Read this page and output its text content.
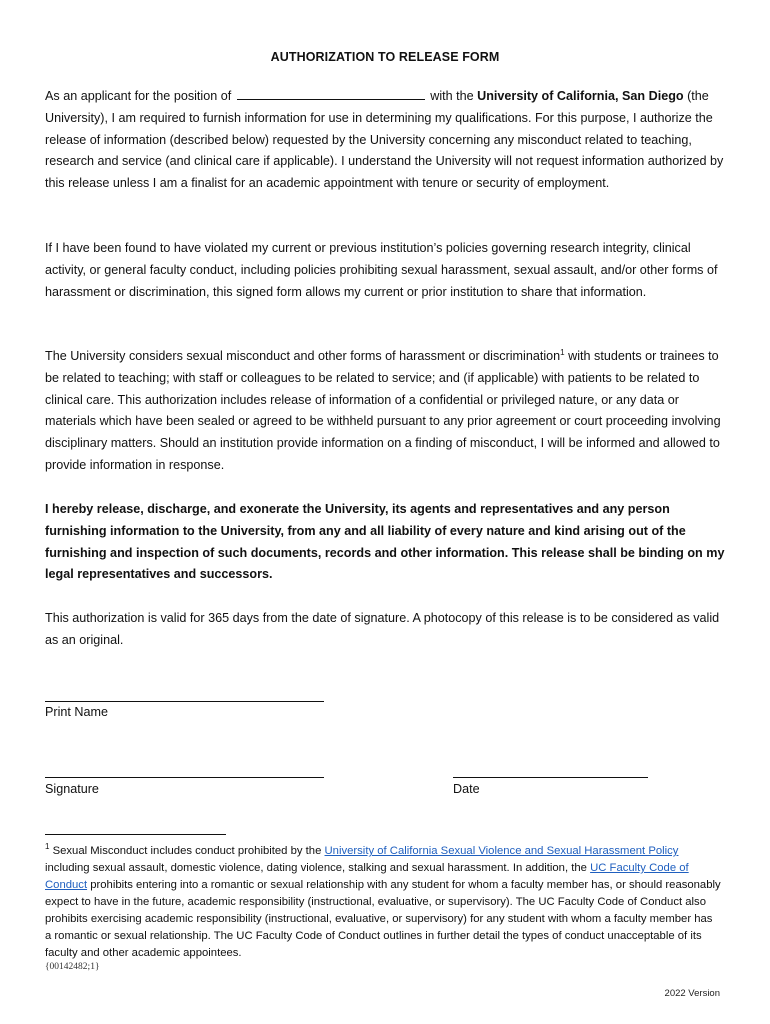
AUTHORIZATION TO RELEASE FORM

As an applicant for the position of	with the University of California, San Diego (the University), I am required to furnish information for use in determining my qualifications. For this purpose, I authorize the release of information (described below) requested by the University concerning any misconduct related to teaching, research and service (and clinical care if applicable). I understand the University will not request information authorized by this release unless I am a finalist for an academic appointment with tenure or security of employment.

If I have been found to have violated my current or previous institution’s policies governing research integrity, clinical activity, or general faculty conduct, including policies prohibiting sexual harassment, sexual assault, and/or other forms of harassment or discrimination, this signed form allows my current or prior institution to share that information.

The University considers sexual misconduct and other forms of harassment or discrimination$^1$ with students or trainees to be related to teaching; with staff or colleagues to be related to service; and (if applicable) with patients to be related to clinical care. This authorization includes release of information of a confidential or privileged nature, or any data or materials which have been sealed or agreed to be withheld pursuant to any prior agreement or court proceeding involving disciplinary matters. Should an institution provide information on a finding of misconduct, I will be informed and allowed to provide information in response.

I hereby release, discharge, and exonerate the University, its agents and representatives and any person furnishing information to the University, from any and all liability of every nature and kind arising out of the furnishing and inspection of such documents, records and other information. This release shall be binding on my legal representatives and successors.

This authorization is valid for 365 days from the date of signature. A photocopy of this release is to be considered as valid as an original.

Print Name
Signature	Date

$^1$ Sexual Misconduct includes conduct prohibited by the University of California Sexual Violence and Sexual Harassment Policy including sexual assault, domestic violence, dating violence, stalking and sexual harassment. In addition, the UC Faculty Code of Conduct prohibits entering into a romantic or sexual relationship with any student for whom a faculty member has, or should reasonably expect to have in the future, academic responsibility (instructional, evaluative, or supervisory). The UC Faculty Code of Conduct also prohibits exercising academic responsibility (instructional, evaluative, or supervisory) for any student with whom a faculty member has a romantic or sexual relationship. The UC Faculty Code of Conduct outlines in further detail the types of conduct unacceptable of its faculty and other academic appointees.

{00142482;1}
2022 Version
